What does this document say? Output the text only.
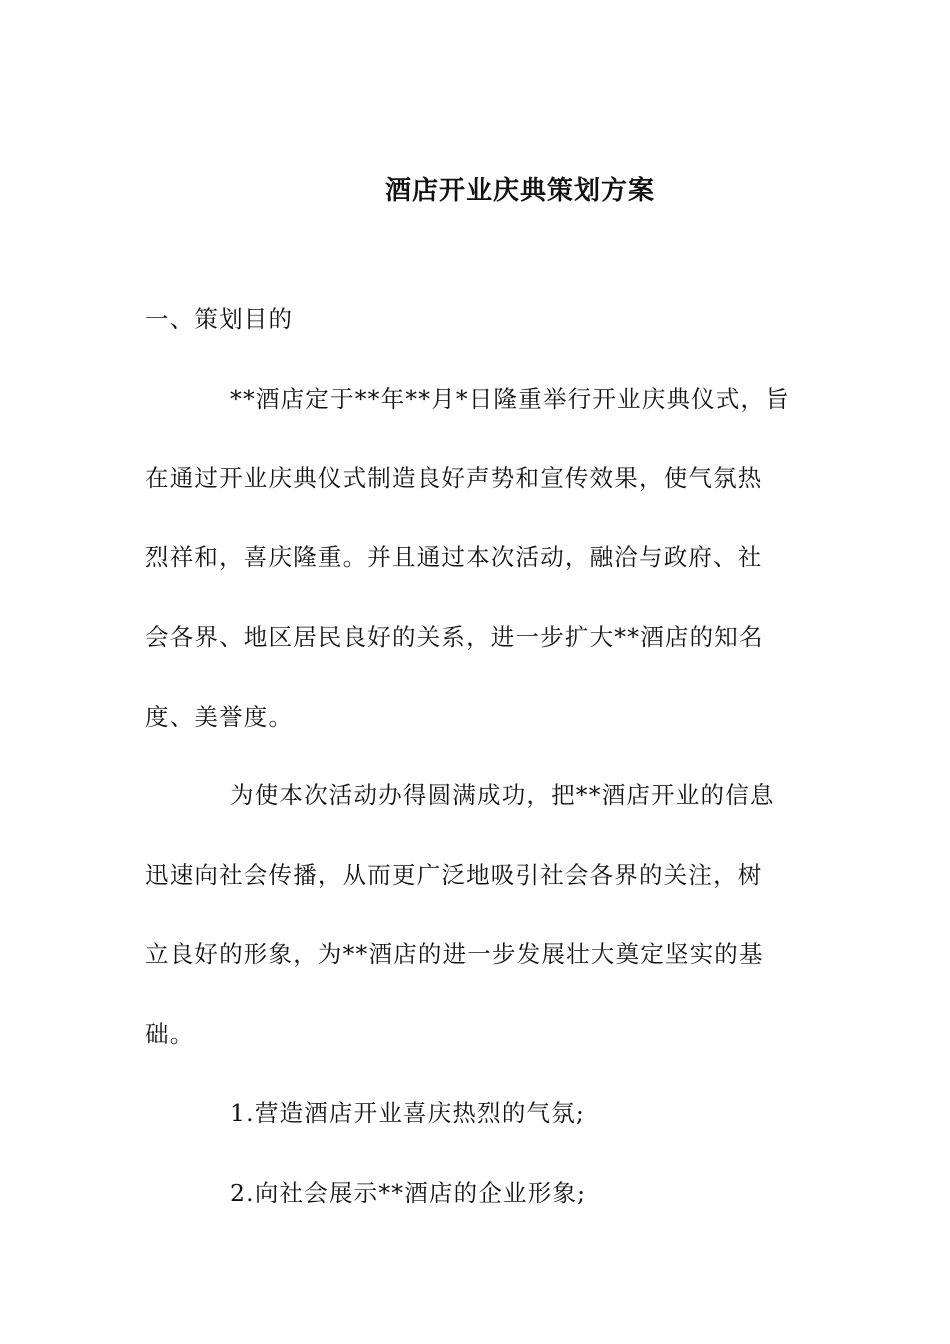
酒店开业庆典策划方案
一、策划目的
**酒店定于**年**月*日隆重举行开业庆典仪式，旨
在通过开业庆典仪式制造良好声势和宣传效果，使气氛热
烈祥和，喜庆隆重。并且通过本次活动，融洽与政府、社
会各界、地区居民良好的关系，进一步扩大**酒店的知名
度、美誉度。
为使本次活动办得圆满成功，把**酒店开业的信息
迅速向社会传播，从而更广泛地吸引社会各界的关注，树
立良好的形象，为**酒店的进一步发展壮大奠定坚实的基
础。
1.营造酒店开业喜庆热烈的气氛;
2.向社会展示**酒店的企业形象;
